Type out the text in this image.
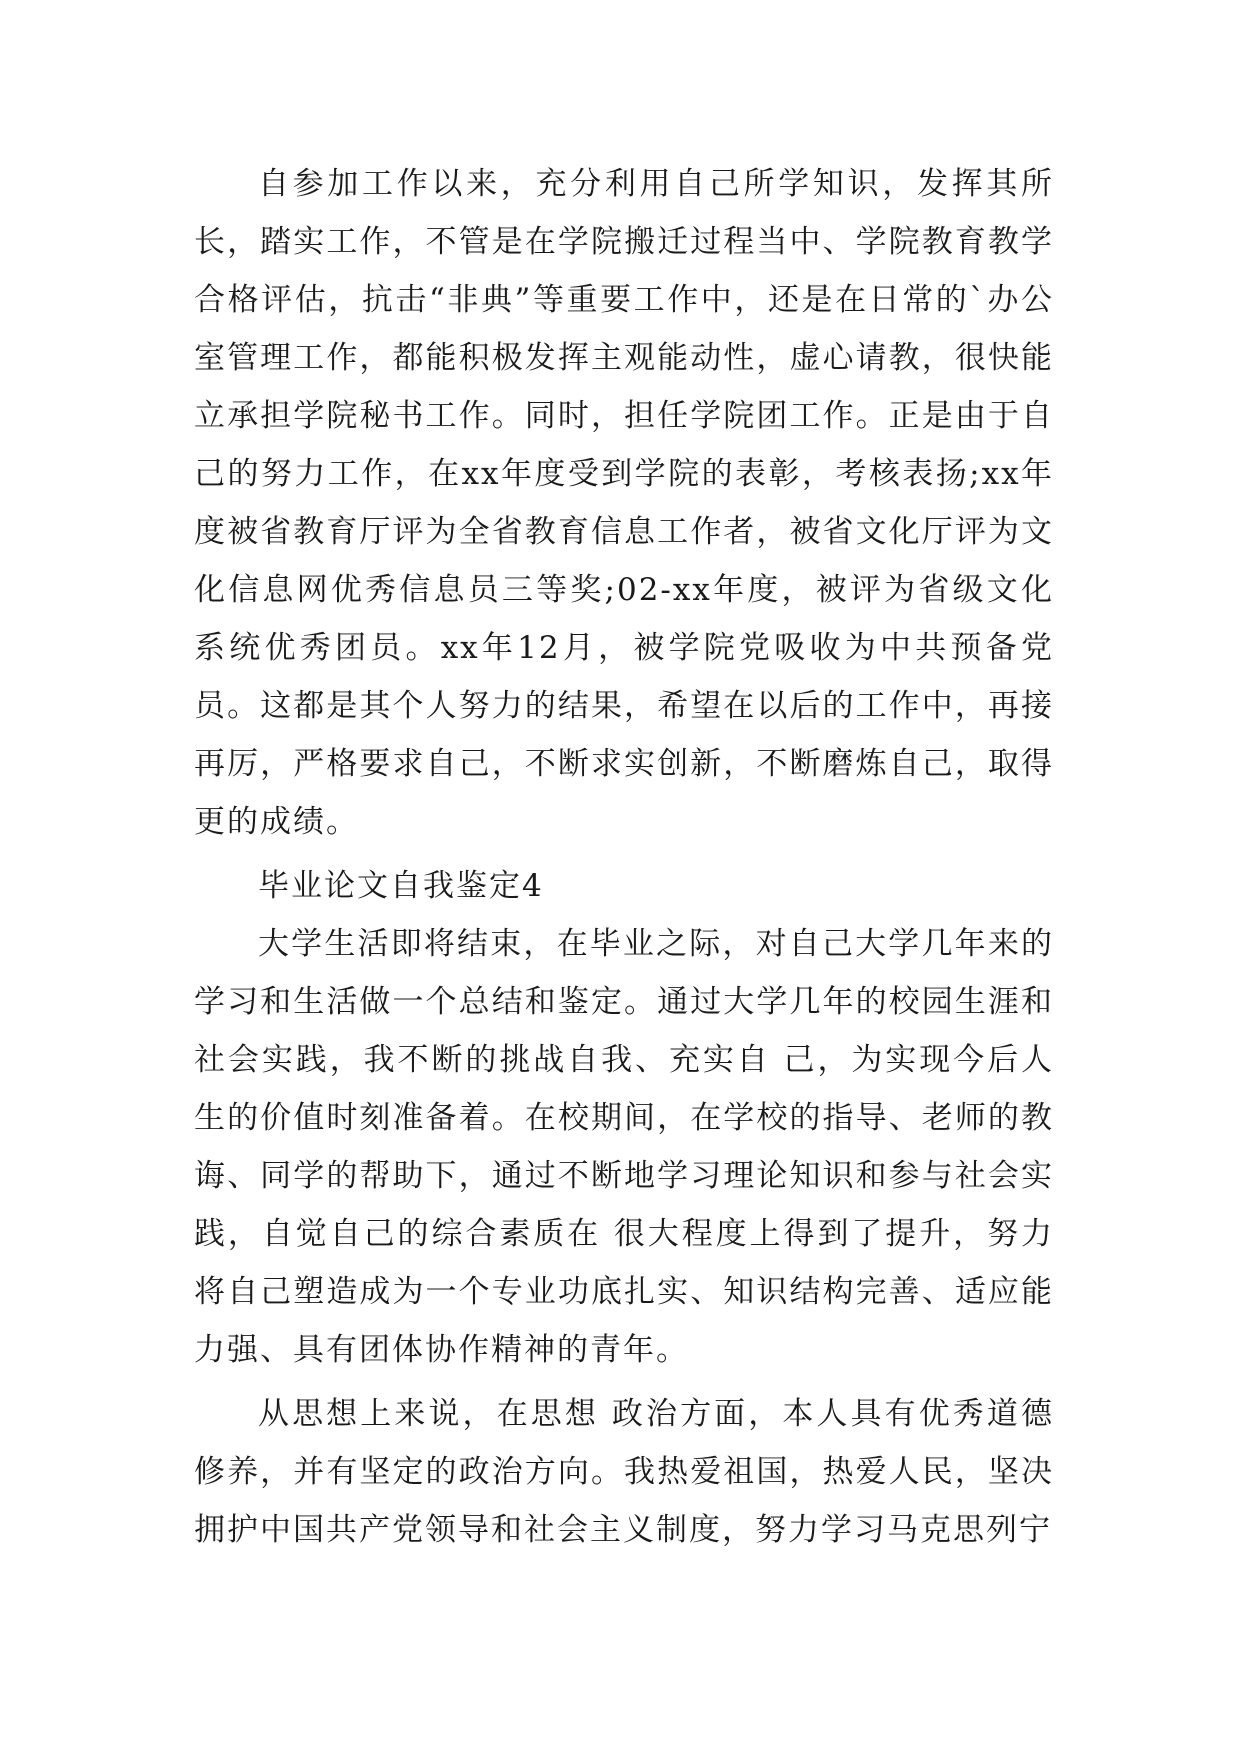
自参加工作以来，充分利用自己所学知识，发挥其所长，踏实工作，不管是在学院搬迁过程当中、学院教育教学合格评估，抗击“非典”等重要工作中，还是在日常的`办公室管理工作，都能积极发挥主观能动性，虚心请教，很快能立承担学院秘书工作。同时，担任学院团工作。正是由于自己的努力工作，在xx年度受到学院的表彰，考核表扬;xx年度被省教育厅评为全省教育信息工作者，被省文化厅评为文化信息网优秀信息员三等奖;02-xx年度，被评为省级文化系统优秀团员。xx年12月，被学院党吸收为中共预备党员。这都是其个人努力的结果，希望在以后的工作中，再接再厉，严格要求自己，不断求实创新，不断磨炼自己，取得更的成绩。

毕业论文自我鉴定4

大学生活即将结束，在毕业之际，对自己大学几年来的学习和生活做一个总结和鉴定。通过大学几年的校园生涯和社会实践，我不断的挑战自我、充实自 己，为实现今后人生的价值时刻准备着。在校期间，在学校的指导、老师的教诲、同学的帮助下，通过不断地学习理论知识和参与社会实践，自觉自己的综合素质在 很大程度上得到了提升，努力将自己塑造成为一个专业功底扎实、知识结构完善、适应能力强、具有团体协作精神的青年。

从思想上来说，在思想 政治方面，本人具有优秀道德修养，并有坚定的政治方向。我热爱祖国，热爱人民，坚决拥护中国共产党领导和社会主义制度，努力学习马克思列宁
